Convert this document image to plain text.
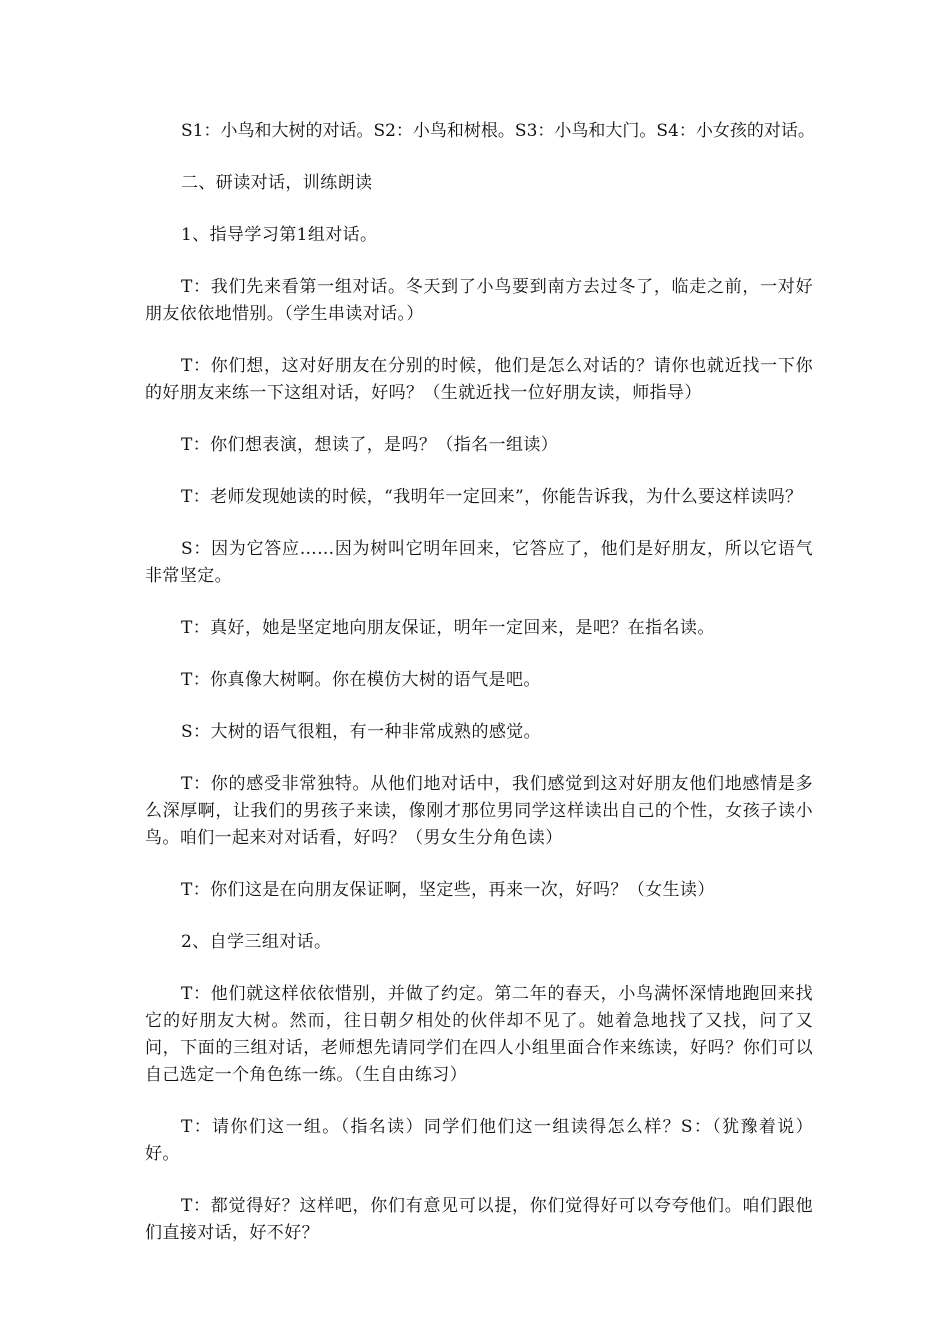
S1：小鸟和大树的对话。S2：小鸟和树根。S3：小鸟和大门。S4：小女孩的对话。

二、研读对话，训练朗读

1、指导学习第1组对话。

T：我们先来看第一组对话。冬天到了小鸟要到南方去过冬了，临走之前，一对好朋友依依地惜别。（学生串读对话。）

T：你们想，这对好朋友在分别的时候，他们是怎么对话的？请你也就近找一下你的好朋友来练一下这组对话，好吗？（生就近找一位好朋友读，师指导）

T：你们想表演，想读了，是吗？（指名一组读）

T：老师发现她读的时候，“我明年一定回来”，你能告诉我，为什么要这样读吗？

S：因为它答应……因为树叫它明年回来，它答应了，他们是好朋友，所以它语气非常坚定。

T：真好，她是坚定地向朋友保证，明年一定回来，是吧？在指名读。

T：你真像大树啊。你在模仿大树的语气是吧。

S：大树的语气很粗，有一种非常成熟的感觉。

T：你的感受非常独特。从他们地对话中，我们感觉到这对好朋友他们地感情是多么深厚啊，让我们的男孩子来读，像刚才那位男同学这样读出自己的个性，女孩子读小鸟。咱们一起来对对话看，好吗？（男女生分角色读）

T：你们这是在向朋友保证啊，坚定些，再来一次，好吗？（女生读）

2、自学三组对话。

T：他们就这样依依惜别，并做了约定。第二年的春天，小鸟满怀深情地跑回来找它的好朋友大树。然而，往日朝夕相处的伙伴却不见了。她着急地找了又找，问了又问，下面的三组对话，老师想先请同学们在四人小组里面合作来练读，好吗？你们可以自己选定一个角色练一练。（生自由练习）

T：请你们这一组。（指名读）同学们他们这一组读得怎么样？S：（犹豫着说）好。

T：都觉得好？这样吧，你们有意见可以提，你们觉得好可以夸夸他们。咱们跟他们直接对话，好不好？
